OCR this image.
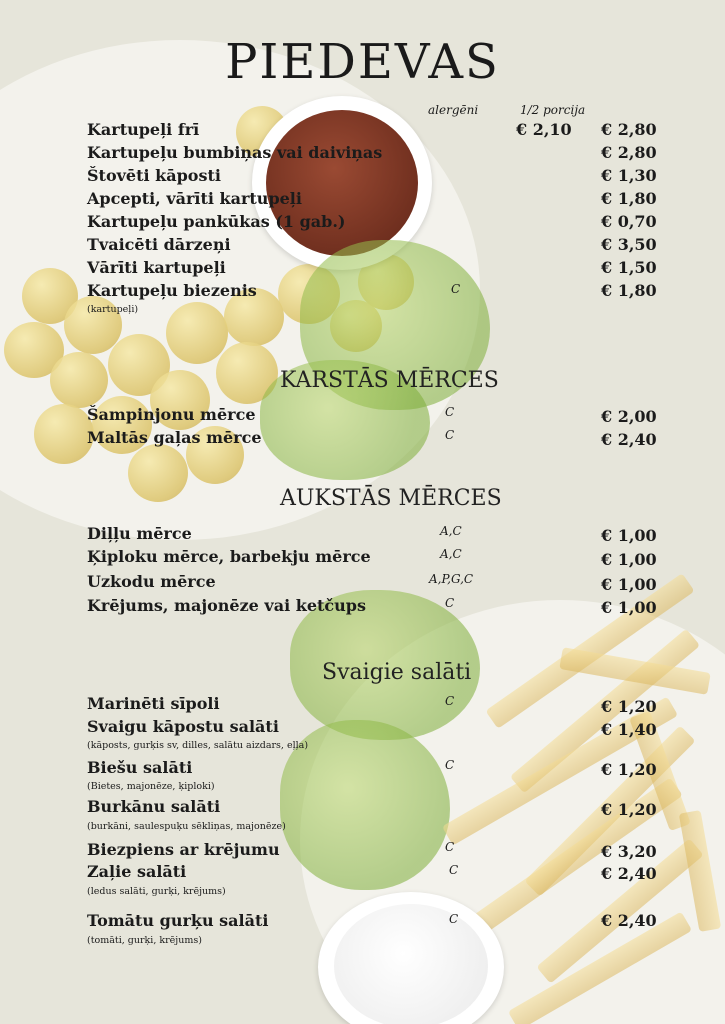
PIEDEVAS
alergēni	1/2 porcija
Kartupeļi frī	€ 2,10 € 2,80
Kartupeļu bumbiņas vai daiviņas	€ 2,80
Štovēti kāposti	€ 1,30
Apcepti, vārīti kartupeļi	€ 1,80
Kartupeļu pankūkas (1 gab.)	€ 0,70
Tvaicēti dārzeņi	€ 3,50
Vārīti kartupeļi	€ 1,50
Kartupeļu biezenis	C	€ 1,80
(kartupeļi)
KARSTĀS MĒRCES
Šampinjonu mērce	C	€ 2,00
Maltās gaļas mērce	C	€ 2,40
AUKSTĀS MĒRCES
Diļļu mērce	A,C	€ 1,00
Ķiploku mērce, barbekju mērce	A,C	€ 1,00
Uzkodu mērce	A,P,G,C	€ 1,00
Krējums, majonēze vai ketčups	C	€ 1,00
Svaigie salāti
Marinēti sīpoli	C	€ 1,20
Svaigu kāpostu salāti	€ 1,40
(kāposts, gurķis sv, dilles, salātu aizdars, eļļa)
Biešu salāti	C	€ 1,20
(Bietes, majonēze, ķiploki)
Burkānu salāti	€ 1,20
(burkāni, saulespuķu sēkliņas, majonēze)
Biezpiens ar krējumu	C	€ 3,20
Zaļie salāti	C	€ 2,40
(ledus salāti, gurķi, krējums)
Tomātu gurķu salāti	C	€ 2,40
(tomāti, gurķi, krējums)
